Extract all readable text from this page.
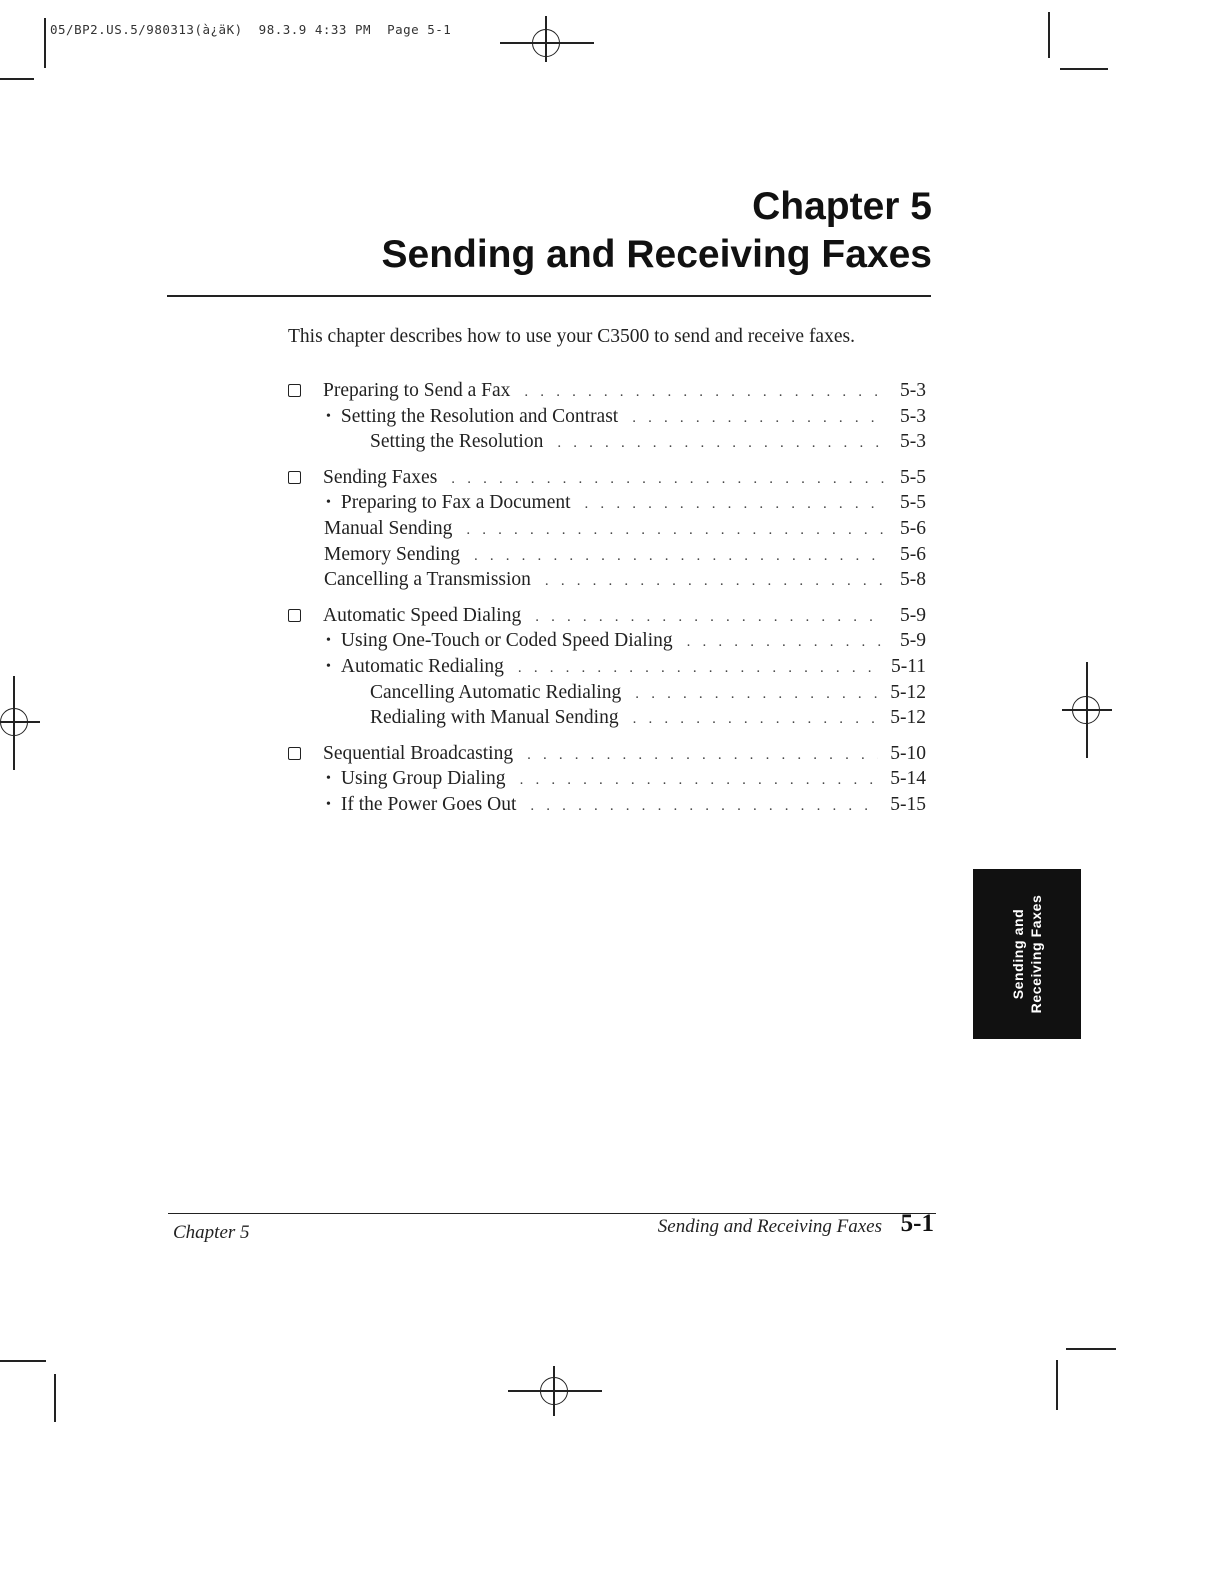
05/BP2.US.5/980313(à¿äK)  98.3.9 4:33 PM  Page 5-1
Chapter 5
Sending and Receiving Faxes
This chapter describes how to use your C3500 to send and receive faxes.
Preparing to Send a Fax . . .	5-3
• Setting the Resolution and Contrast . . .	5-3
Setting the Resolution . . .	5-3
Sending Faxes . . .	5-5
• Preparing to Fax a Document . . .	5-5
Manual Sending . . .	5-6
Memory Sending . . .	5-6
Cancelling a Transmission . . .	5-8
Automatic Speed Dialing . . .	5-9
• Using One-Touch or Coded Speed Dialing . . .	5-9
• Automatic Redialing . . .	5-11
Cancelling Automatic Redialing . . .	5-12
Redialing with Manual Sending . . .	5-12
Sequential Broadcasting . . .	5-10
• Using Group Dialing . . .	5-14
• If the Power Goes Out . . .	5-15
Sending and Receiving Faxes
Chapter 5	Sending and Receiving Faxes 5-1
